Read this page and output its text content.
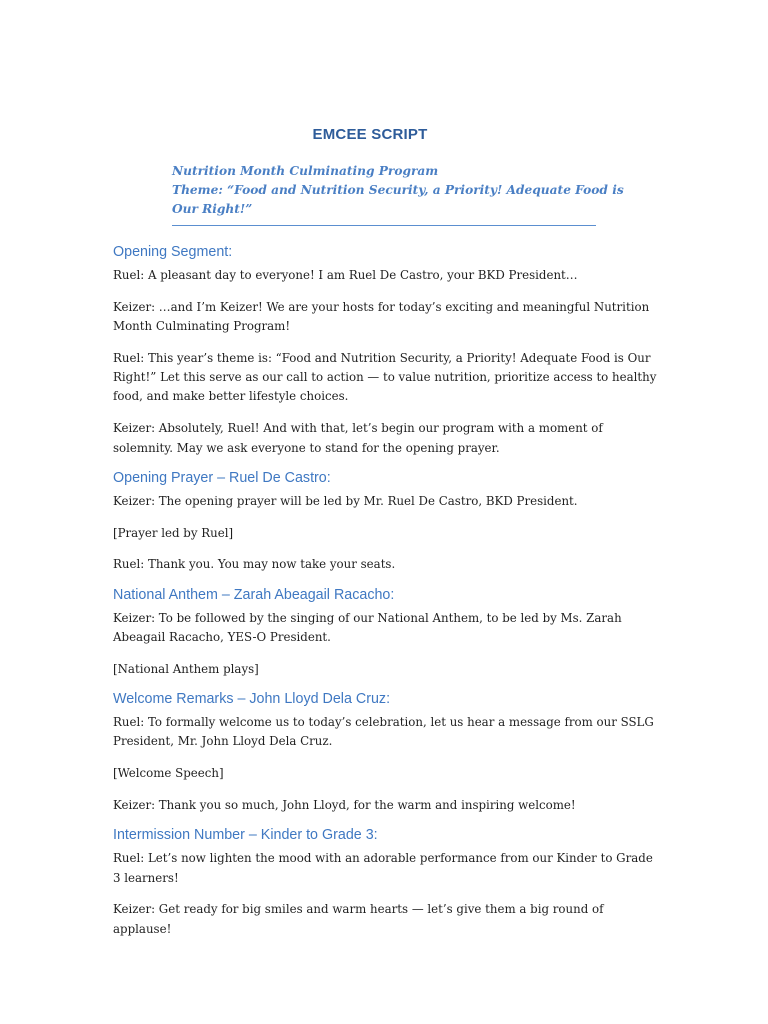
EMCEE SCRIPT
Nutrition Month Culminating Program
Theme: “Food and Nutrition Security, a Priority! Adequate Food is
Our Right!”
Opening Segment:

Ruel: A pleasant day to everyone! I am Ruel De Castro, your BKD President…

Keizer: …and I’m Keizer! We are your hosts for today’s exciting and meaningful Nutrition Month Culminating Program!

Ruel: This year’s theme is: “Food and Nutrition Security, a Priority! Adequate Food is Our Right!” Let this serve as our call to action — to value nutrition, prioritize access to healthy food, and make better lifestyle choices.

Keizer: Absolutely, Ruel! And with that, let’s begin our program with a moment of solemnity. May we ask everyone to stand for the opening prayer.

Opening Prayer – Ruel De Castro:

Keizer: The opening prayer will be led by Mr. Ruel De Castro, BKD President.

[Prayer led by Ruel]

Ruel: Thank you. You may now take your seats.

National Anthem – Zarah Abeagail Racacho:

Keizer: To be followed by the singing of our National Anthem, to be led by Ms. Zarah Abeagail Racacho, YES-O President.

[National Anthem plays]

Welcome Remarks – John Lloyd Dela Cruz:

Ruel: To formally welcome us to today’s celebration, let us hear a message from our SSLG President, Mr. John Lloyd Dela Cruz.

[Welcome Speech]

Keizer: Thank you so much, John Lloyd, for the warm and inspiring welcome!

Intermission Number – Kinder to Grade 3:

Ruel: Let’s now lighten the mood with an adorable performance from our Kinder to Grade 3 learners!

Keizer: Get ready for big smiles and warm hearts — let’s give them a big round of applause!
